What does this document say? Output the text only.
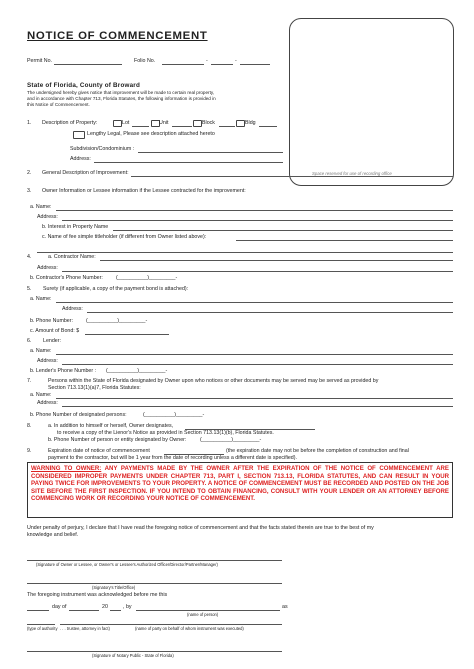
NOTICE OF COMMENCEMENT
Permit No.	Folio No.	-	-
State of Florida, County of Broward
The undersigned hereby gives notice that improvement will be made to certain real property,
and in accordance with Chapter 713, Florida Statutes, the following information is provided in
this Notice of Commencement.
Space reserved for use of recording office
1. Description of Property:	Lot	Unit	Block	Bldg
Lengthy Legal, Please see description attached hereto
Subdivision/Condominium :
Address:
2. General Description of Improvement:
3. Owner Information or Lessee information if the Lessee contracted for the improvement:
a. Name:
Address:
b. Interest in Property Name
c. Name of fee simple titleholder (if different from Owner listed above):
4.	a. Contractor Name:
Address:
b. Contractor's Phone Number: (__________)_________-
5. Surety (if applicable, a copy of the payment bond is attached):
a. Name:
Address:
b. Phone Number: (__________)_________-
c. Amount of Bond: $
6. Lender:
a. Name:
Address:
b. Lender's Phone Number : (__________)_________-
7.	Persons within the State of Florida designated by Owner upon who notices or other documents may be served may be served as provided by
Section 713.13(1)(a)7, Florida Statutes:
a. Name:
Address:
b. Phone Number of designated persons:	(__________)_________-
8.	a. In addition to himself or herself, Owner designates,
to receive a copy of the Lienor's Notice as provided in Section 713.13(1)(b), Florida Statutes.
b. Phone Number of person or entity designated by Owner:	(__________)_________-
9.	Expiration date of notice of commencement	(the expiration date may not be before the completion of construction and final
payment to the contractor, but will be 1 year from the date of recording unless a different date is specified).
WARNING TO OWNER: ANY PAYMENTS MADE BY THE OWNER AFTER THE EXPIRATION OF THE NOTICE OF COMMENCEMENT ARE CONSIDERED IMPROPER PAYMENTS UNDER CHAPTER 713, PART I, SECTION 713.13, FLORIDA STATUTES, AND CAN RESULT IN YOUR PAYING TWICE FOR IMPROVEMENTS TO YOUR PROPERTY. A NOTICE OF COMMENCEMENT MUST BE RECORDED AND POSTED ON THE JOB SITE BEFORE THE FIRST INSPECTION. IF YOU INTEND TO OBTAIN FINANCING, CONSULT WITH YOUR LENDER OR AN ATTORNEY BEFORE COMMENCING WORK OR RECORDING YOUR NOTICE OF COMMENCEMENT.
Under penalty of perjury, I declare that I have read the foregoing notice of commencement and that the facts stated therein are true to the best of my
knowledge and belief.
(Signature of Owner or Lessee, or Owner's or Lessee's Authorized Officer/Director/Partner/Manager)
(Signatory's Title/Office)
The foregoing instrument was acknowledged before me this
day of	20	, by	as
(name of person)
(type of authority . . . trustee, attorney in fact)	(name of party on behalf of whom instrument was executed)
(Signature of Notary Public - State of Florida)
